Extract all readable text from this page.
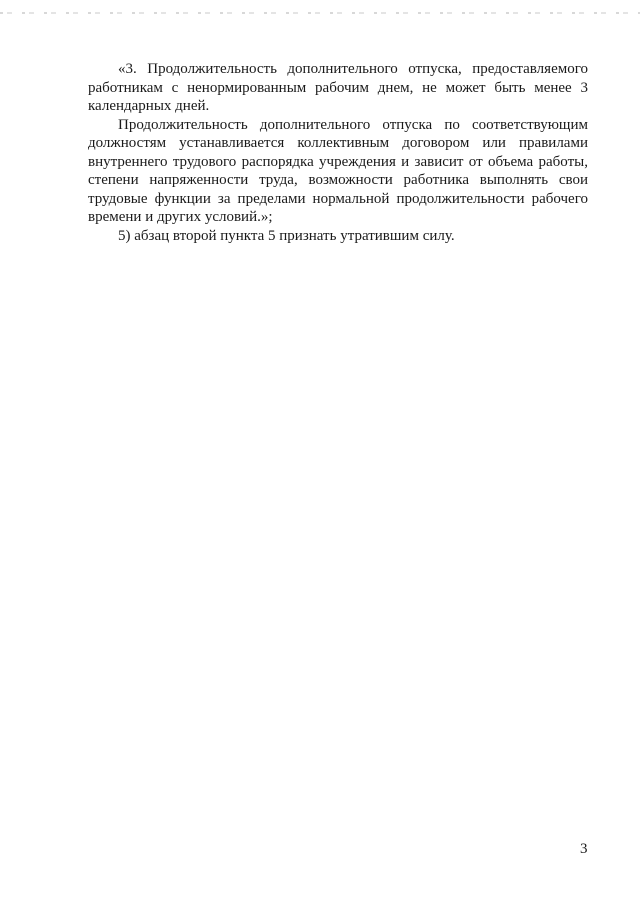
«3. Продолжительность дополнительного отпуска, предоставляемого работникам с ненормированным рабочим днем, не может быть менее 3 календарных дней.

Продолжительность дополнительного отпуска по соответствующим должностям устанавливается коллективным договором или правилами внутреннего трудового распорядка учреждения и зависит от объема работы, степени напряженности труда, возможности работника выполнять свои трудовые функции за пределами нормальной продолжительности рабочего времени и других условий.»;

5) абзац второй пункта 5 признать утратившим силу.

3
